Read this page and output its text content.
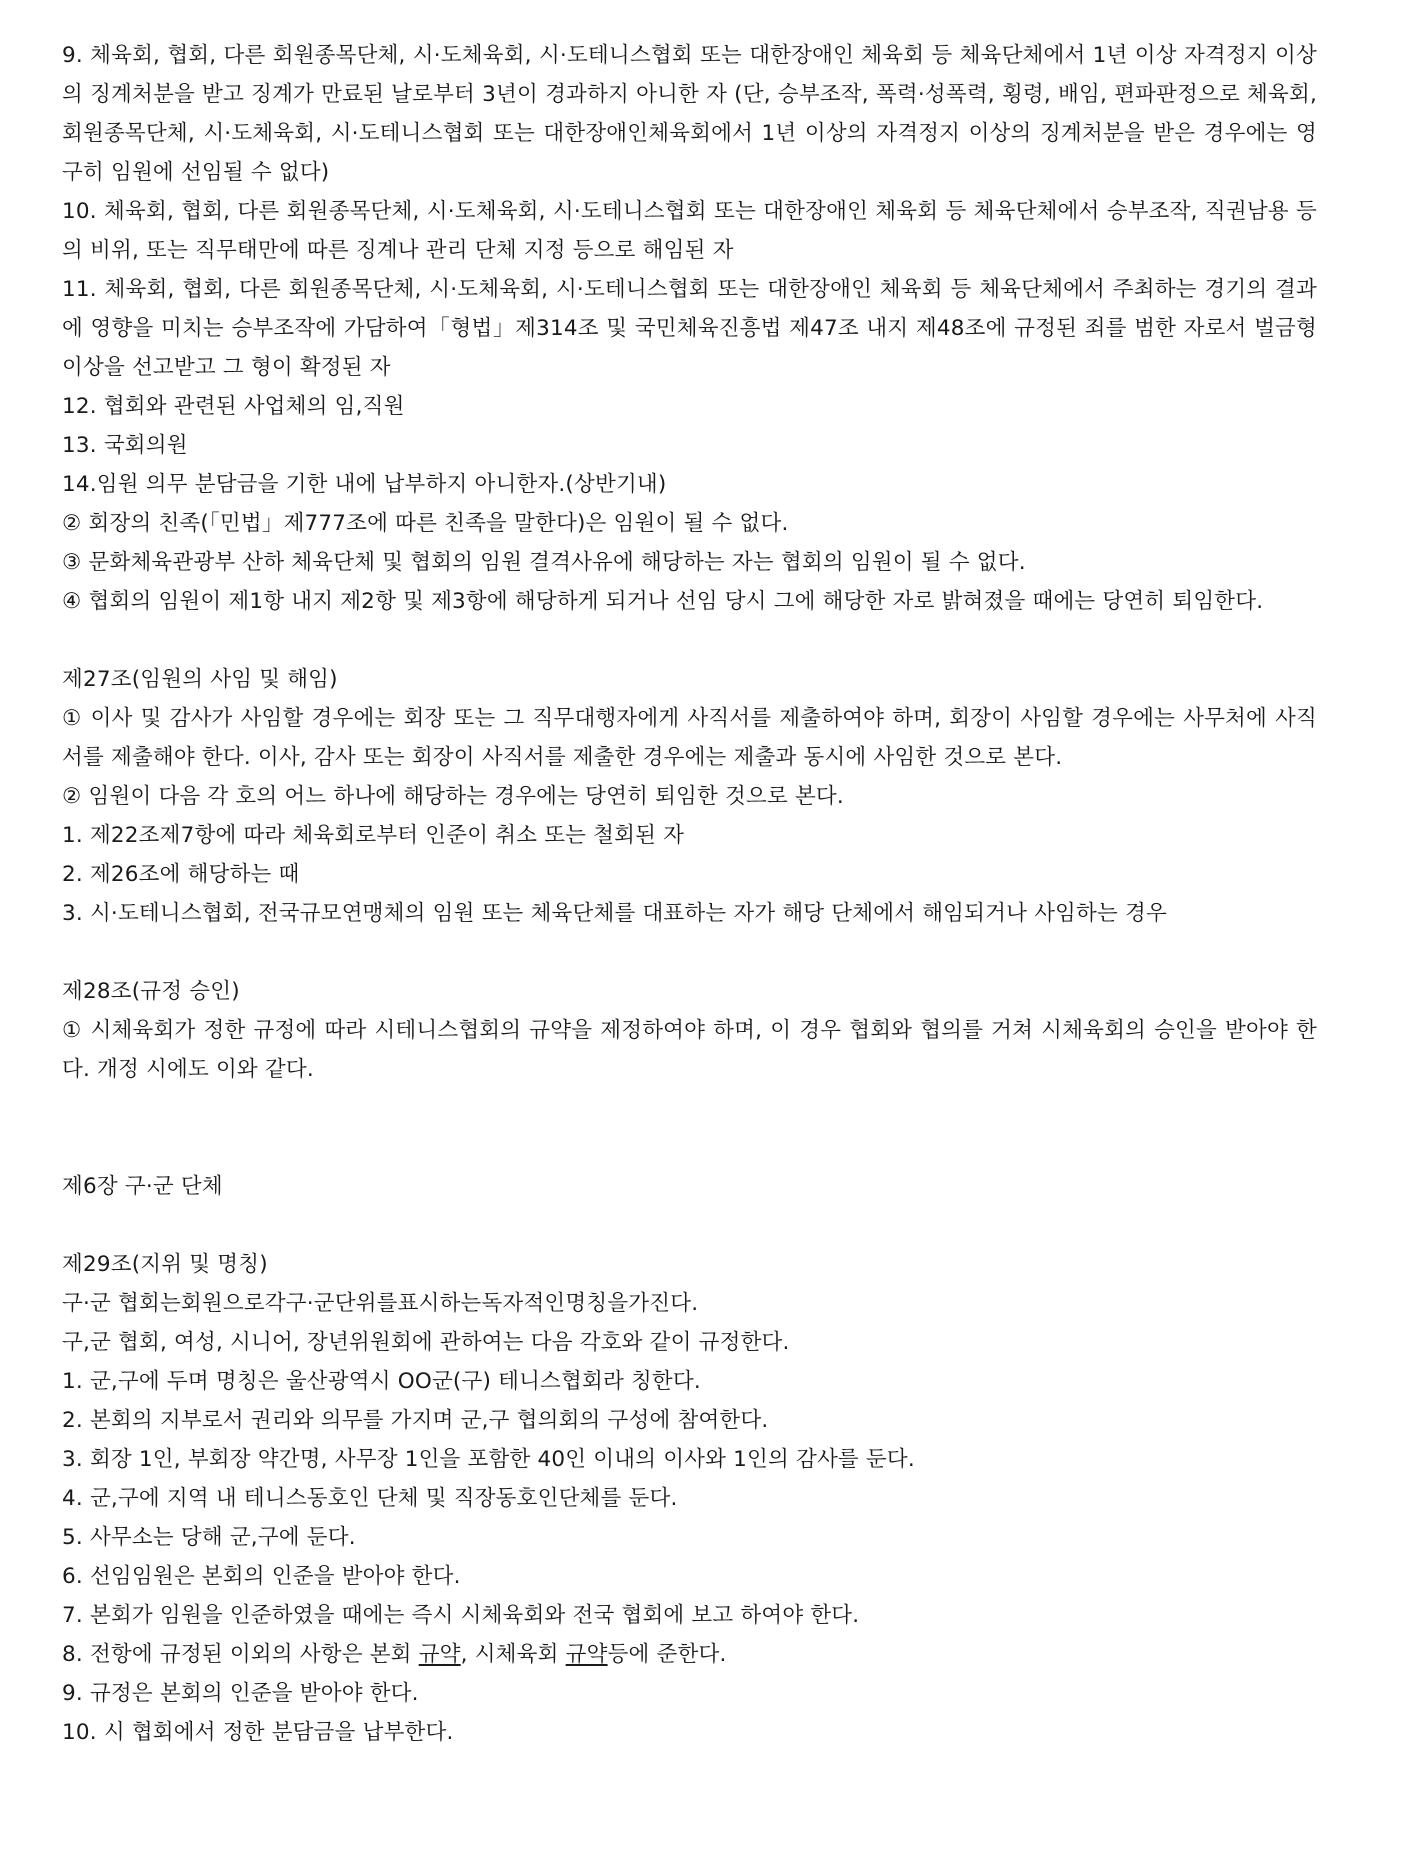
9. 체육회, 협회, 다른 회원종목단체, 시·도체육회, 시·도테니스협회 또는 대한장애인 체육회 등 체육단체에서 1년 이상 자격정지 이상의 징계처분을 받고 징계가 만료된 날로부터 3년이 경과하지 아니한 자 (단, 승부조작, 폭력·성폭력, 횡령, 배임, 편파판정으로 체육회, 회원종목단체, 시·도체육회, 시·도테니스협회 또는 대한장애인체육회에서 1년 이상의 자격정지 이상의 징계처분을 받은 경우에는 영구히 임원에 선임될 수 없다)

10. 체육회, 협회, 다른 회원종목단체, 시·도체육회, 시·도테니스협회 또는 대한장애인 체육회 등 체육단체에서 승부조작, 직권남용 등의 비위, 또는 직무태만에 따른 징계나 관리 단체 지정 등으로 해임된 자

11. 체육회, 협회, 다른 회원종목단체, 시·도체육회, 시·도테니스협회 또는 대한장애인 체육회 등 체육단체에서 주최하는 경기의 결과에 영향을 미치는 승부조작에 가담하여「형법」제314조 및 국민체육진흥법 제47조 내지 제48조에 규정된 죄를 범한 자로서 벌금형 이상을 선고받고 그 형이 확정된 자

12. 협회와 관련된 사업체의 임,직원

13. 국회의원

14.임원 의무 분담금을 기한 내에 납부하지 아니한자.(상반기내)

② 회장의 친족(「민법」제777조에 따른 친족을 말한다)은 임원이 될 수 없다.

③ 문화체육관광부 산하 체육단체 및 협회의 임원 결격사유에 해당하는 자는 협회의 임원이 될 수 없다.

④ 협회의 임원이 제1항 내지 제2항 및 제3항에 해당하게 되거나 선임 당시 그에 해당한 자로 밝혀졌을 때에는 당연히 퇴임한다.

제27조(임원의 사임 및 해임)

① 이사 및 감사가 사임할 경우에는 회장 또는 그 직무대행자에게 사직서를 제출하여야 하며, 회장이 사임할 경우에는 사무처에 사직서를 제출해야 한다. 이사, 감사 또는 회장이 사직서를 제출한 경우에는 제출과 동시에 사임한 것으로 본다.

② 임원이 다음 각 호의 어느 하나에 해당하는 경우에는 당연히 퇴임한 것으로 본다.

1. 제22조제7항에 따라 체육회로부터 인준이 취소 또는 철회된 자

2. 제26조에 해당하는 때

3. 시·도테니스협회, 전국규모연맹체의 임원 또는 체육단체를 대표하는 자가 해당 단체에서 해임되거나 사임하는 경우

제28조(규정 승인)

① 시체육회가 정한 규정에 따라 시테니스협회의 규약을 제정하여야 하며, 이 경우 협회와 협의를 거쳐 시체육회의 승인을 받아야 한다. 개정 시에도 이와 같다.

제6장 구·군 단체

제29조(지위 및 명칭)

구·군 협회는회원으로각구·군단위를표시하는독자적인명칭을가진다.

구,군 협회, 여성, 시니어, 장년위원회에 관하여는 다음 각호와 같이 규정한다.

1. 군,구에 두며 명칭은 울산광역시 OO군(구) 테니스협회라 칭한다.

2. 본회의 지부로서 권리와 의무를 가지며 군,구 협의회의 구성에 참여한다.

3. 회장 1인, 부회장 약간명, 사무장 1인을 포함한 40인 이내의 이사와 1인의 감사를 둔다.

4. 군,구에 지역 내 테니스동호인 단체 및 직장동호인단체를 둔다.

5. 사무소는 당해 군,구에 둔다.

6. 선임임원은 본회의 인준을 받아야 한다.

7. 본회가 임원을 인준하였을 때에는 즉시 시체육회와 전국 협회에 보고 하여야 한다.

8. 전항에 규정된 이외의 사항은 본회 규약, 시체육회 규약등에 준한다.

9. 규정은 본회의 인준을 받아야 한다.

10. 시 협회에서 정한 분담금을 납부한다.
